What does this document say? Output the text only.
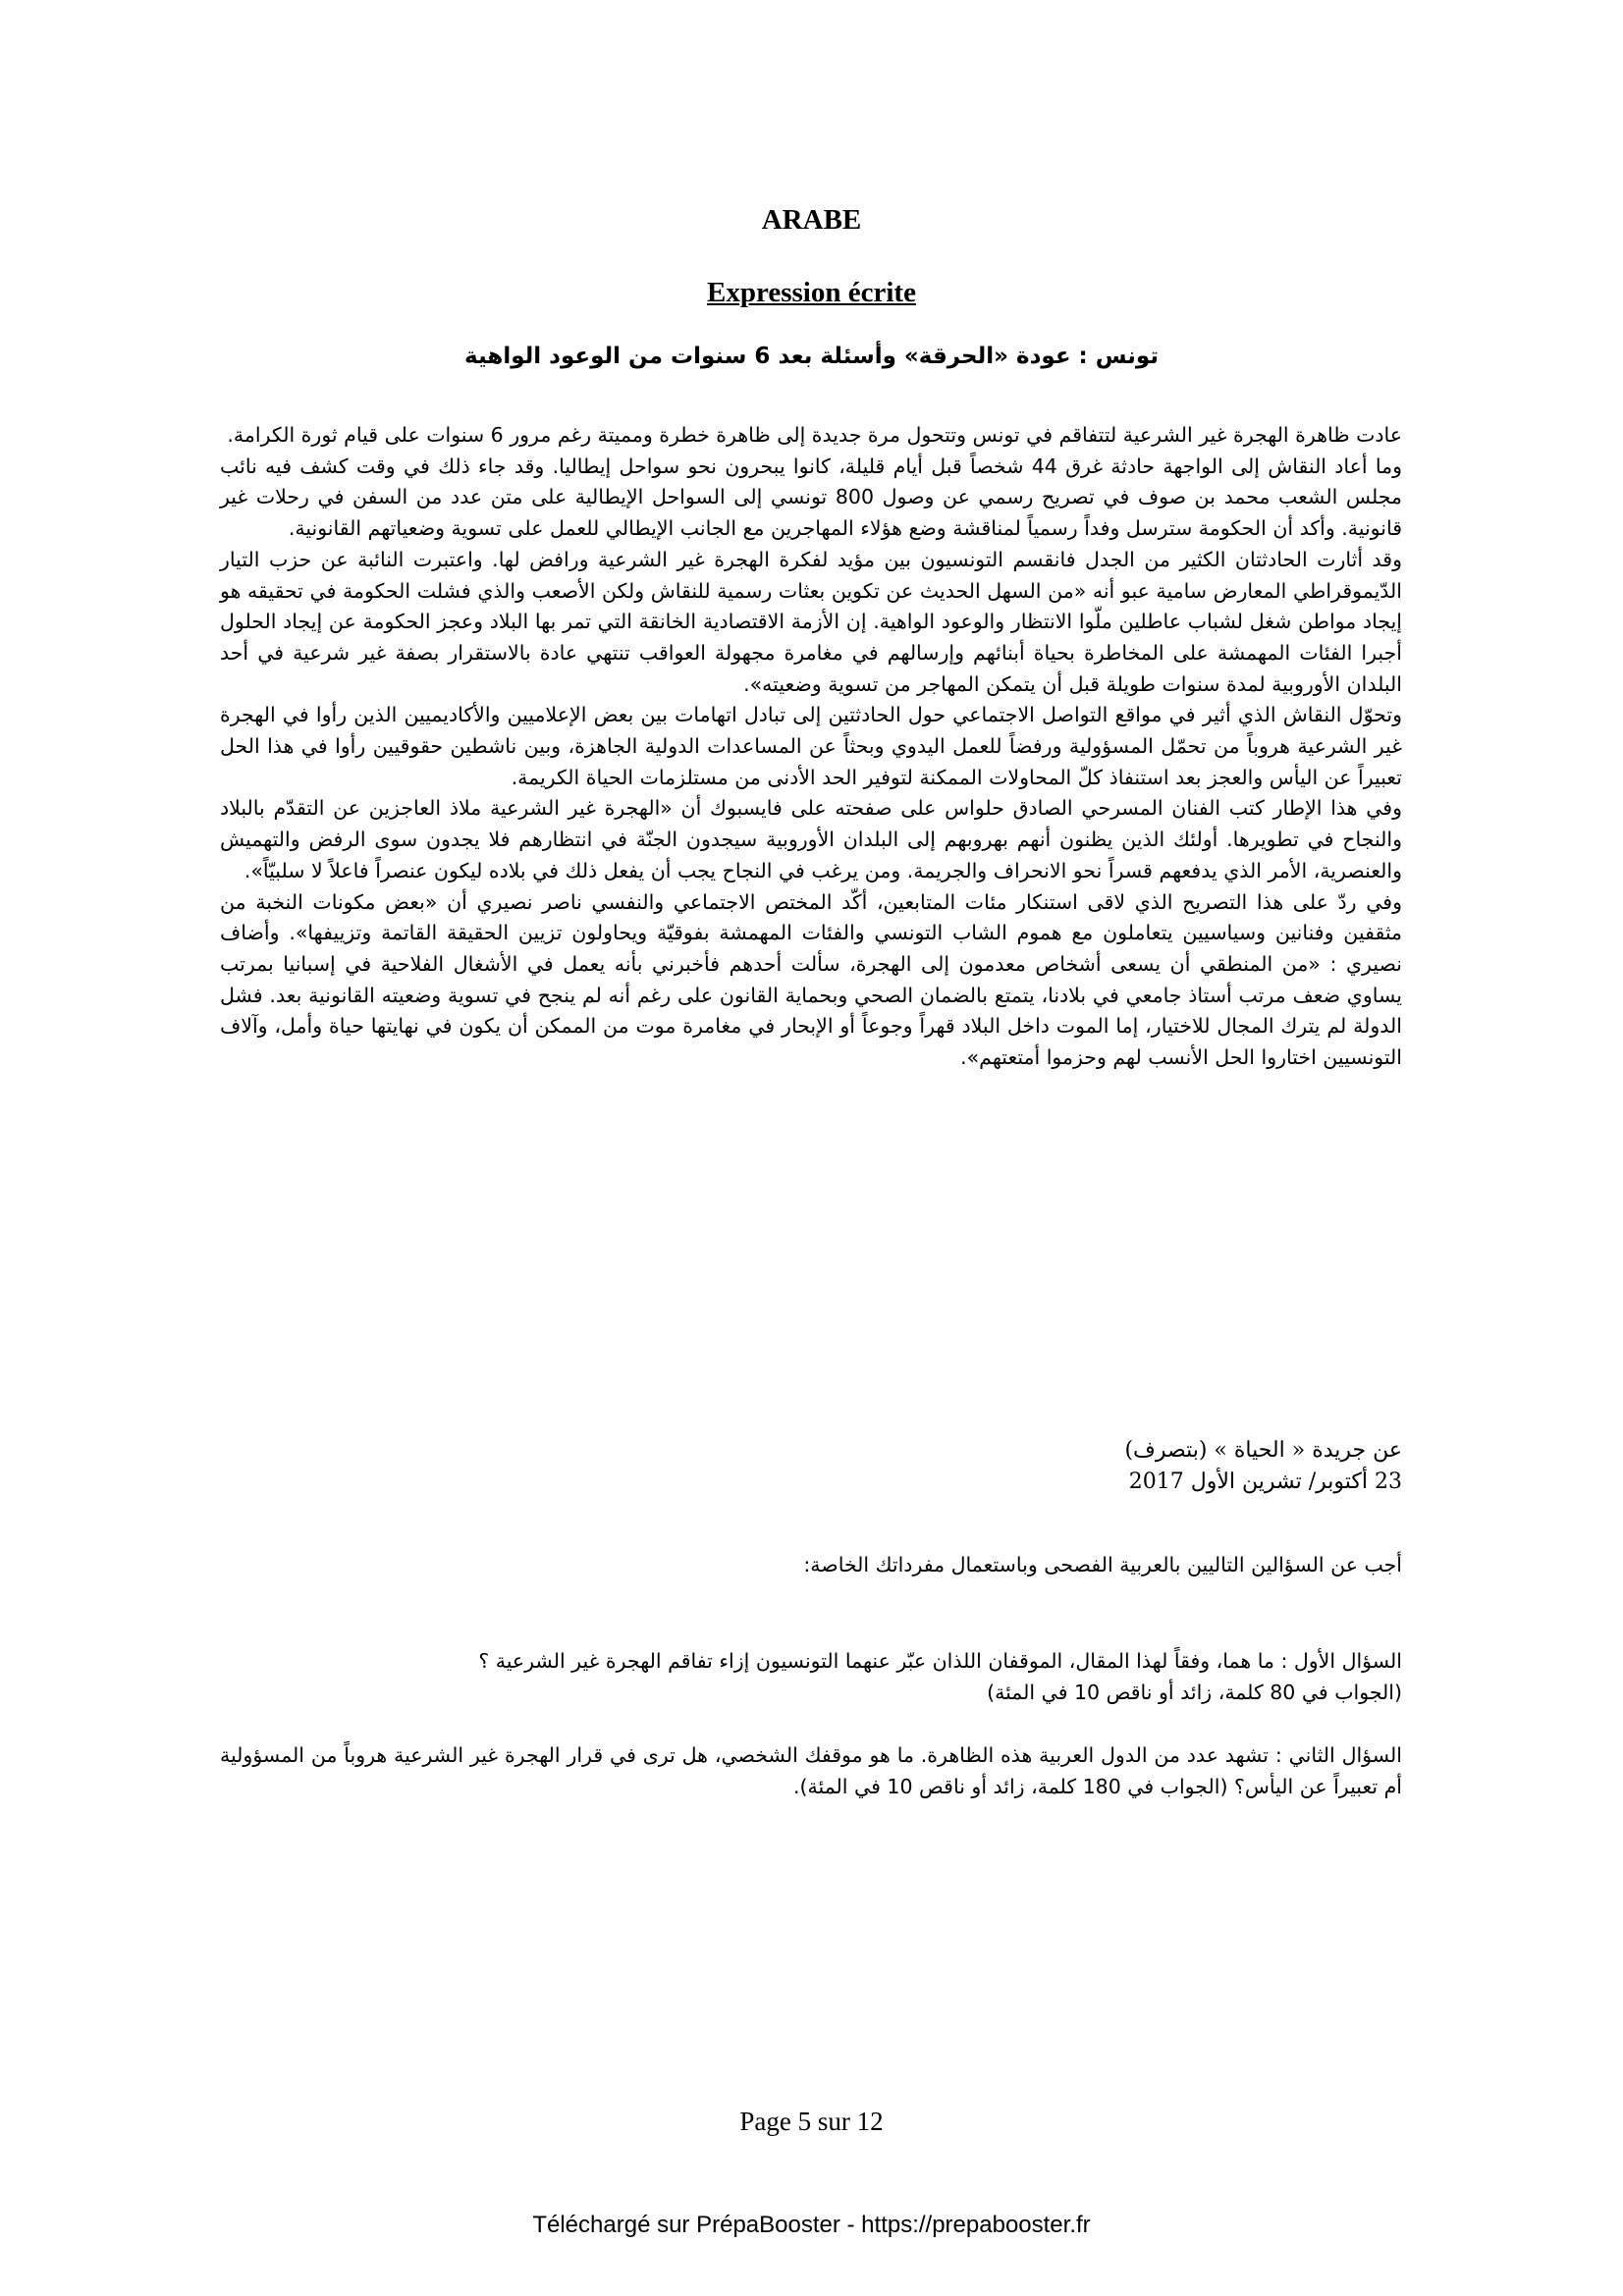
ARABE
Expression écrite
تونس : عودة «الحرقة» وأسئلة بعد 6 سنوات من الوعود الواهية

عادت ظاهرة الهجرة غير الشرعية لتتفاقم في تونس وتتحول مرة جديدة إلى ظاهرة خطرة ومميتة رغم مرور 6 سنوات على قيام ثورة الكرامة.

وما أعاد النقاش إلى الواجهة حادثة غرق 44 شخصاً قبل أيام قليلة، كانوا يبحرون نحو سواحل إيطاليا. وقد جاء ذلك في وقت كشف فيه نائب مجلس الشعب محمد بن صوف في تصريح رسمي عن وصول 800 تونسي إلى السواحل الإيطالية على متن عدد من السفن في رحلات غير قانونية. وأكد أن الحكومة سترسل وفداً رسمياً لمناقشة وضع هؤلاء المهاجرين مع الجانب الإيطالي للعمل على تسوية وضعياتهم القانونية.

وقد أثارت الحادثتان الكثير من الجدل فانقسم التونسيون بين مؤيد لفكرة الهجرة غير الشرعية ورافض لها. واعتبرت النائبة عن حزب التيار الدّيموقراطي المعارض سامية عبو أنه «من السهل الحديث عن تكوين بعثات رسمية للنقاش ولكن الأصعب والذي فشلت الحكومة في تحقيقه هو إيجاد مواطن شغل لشباب عاطلين ملّوا الانتظار والوعود الواهية. إن الأزمة الاقتصادية الخانقة التي تمر بها البلاد وعجز الحكومة عن إيجاد الحلول أجبرا الفئات المهمشة على المخاطرة بحياة أبنائهم وإرسالهم في مغامرة مجهولة العواقب تنتهي عادة بالاستقرار بصفة غير شرعية في أحد البلدان الأوروبية لمدة سنوات طويلة قبل أن يتمكن المهاجر من تسوية وضعيته».

وتحوّل النقاش الذي أثير في مواقع التواصل الاجتماعي حول الحادثتين إلى تبادل اتهامات بين بعض الإعلاميين والأكاديميين الذين رأوا في الهجرة غير الشرعية هروباً من تحمّل المسؤولية ورفضاً للعمل اليدوي وبحثاً عن المساعدات الدولية الجاهزة، وبين ناشطين حقوقيين رأوا في هذا الحل تعبيراً عن اليأس والعجز بعد استنفاذ كلّ المحاولات الممكنة لتوفير الحد الأدنى من مستلزمات الحياة الكريمة.

وفي هذا الإطار كتب الفنان المسرحي الصادق حلواس على صفحته على فايسبوك أن «الهجرة غير الشرعية ملاذ العاجزين عن التقدّم بالبلاد والنجاح في تطويرها. أولئك الذين يظنون أنهم بهروبهم إلى البلدان الأوروبية سيجدون الجنّة في انتظارهم فلا يجدون سوى الرفض والتهميش والعنصرية، الأمر الذي يدفعهم قسراً نحو الانحراف والجريمة. ومن يرغب في النجاح يجب أن يفعل ذلك في بلاده ليكون عنصراً فاعلاً لا سلبيّاً».

وفي ردّ على هذا التصريح الذي لاقى استنكار مئات المتابعين، أكّد المختص الاجتماعي والنفسي ناصر نصيري أن «بعض مكونات النخبة من مثقفين وفنانين وسياسيين يتعاملون مع هموم الشاب التونسي والفئات المهمشة بفوقيّة ويحاولون تزيين الحقيقة القاتمة وتزييفها». وأضاف نصيري : «من المنطقي أن يسعى أشخاص معدمون إلى الهجرة، سألت أحدهم فأخبرني بأنه يعمل في الأشغال الفلاحية في إسبانيا بمرتب يساوي ضعف مرتب أستاذ جامعي في بلادنا، يتمتع بالضمان الصحي وبحماية القانون على رغم أنه لم ينجح في تسوية وضعيته القانونية بعد. فشل الدولة لم يترك المجال للاختيار، إما الموت داخل البلاد قهراً وجوعاً أو الإبحار في مغامرة موت من الممكن أن يكون في نهايتها حياة وأمل، وآلاف التونسيين اختاروا الحل الأنسب لهم وحزموا أمتعتهم».

عن جريدة « الحياة » (بتصرف)
23 أكتوبر/ تشرين الأول 2017
أجب عن السؤالين التاليين بالعربية الفصحى وباستعمال مفرداتك الخاصة:
السؤال الأول : ما هما، وفقاً لهذا المقال، الموقفان اللذان عبّر عنهما التونسيون إزاء تفاقم الهجرة غير الشرعية ؟
(الجواب في 80 كلمة، زائد أو ناقص 10 في المئة)
السؤال الثاني : تشهد عدد من الدول العربية هذه الظاهرة. ما هو موقفك الشخصي، هل ترى في قرار الهجرة غير الشرعية هروباً من المسؤولية أم تعبيراً عن اليأس؟ (الجواب في 180 كلمة، زائد أو ناقص 10 في المئة).
Page 5 sur 12
Téléchargé sur PrépaBooster - https://prepabooster.fr
